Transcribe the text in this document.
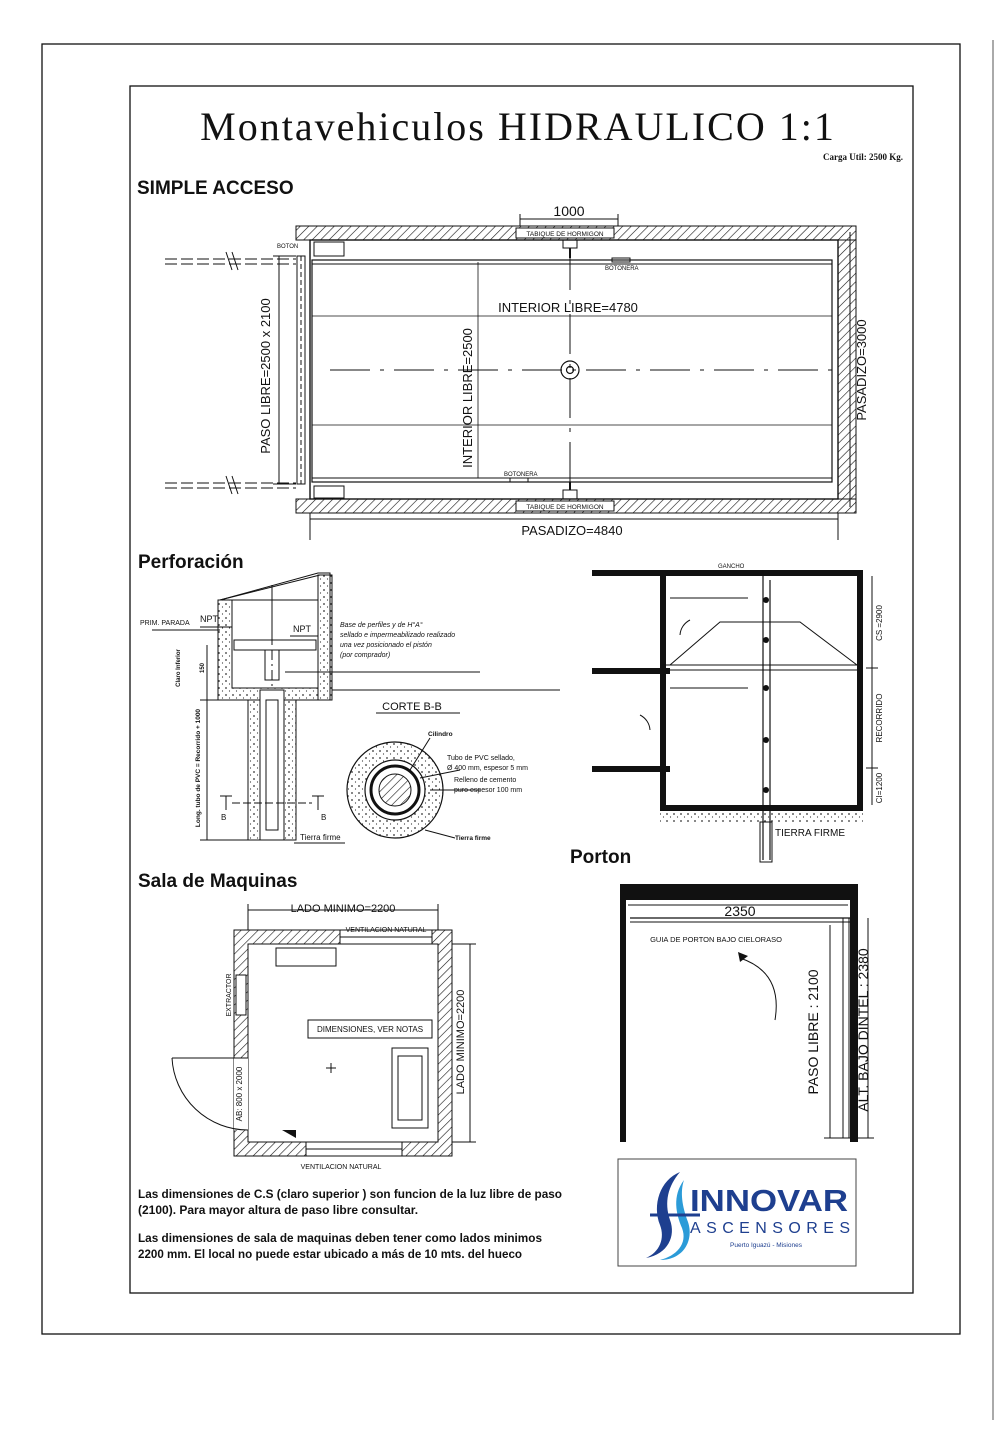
Montavehiculos HIDRAULICO 1:1
Carga Util: 2500 Kg.
SIMPLE ACCESO
1000
TABIQUE DE HORMIGON
TABIQUE DE HORMIGON
BOTON
BOTONERA
BOTONERA
INTERIOR LIBRE=4780
INTERIOR LIBRE=2500
PASO LIBRE=2500 x 2100	PASADIZO=3000
PASADIZO=4840
Perforación
PRIM. PARADA NPT
NPT	Base de perfiles y de H°A°
sellado e impermeabilizado realizado
una vez posicionado el pistón
(por comprador)
Claro Inferior	150
Long. tubo de PVC = Recorrido + 1000 B	B
Tierra firme
CORTE B-B
Cilindro
Tubo de PVC sellado,
Ø 400 mm, espesor 5 mm
Relleno de cemento
puro espesor 100 mm
Tierra firme
GANCHO
CS =2900
RECORRIDO
CI=1200
TIERRA FIRME
Sala de Maquinas
LADO MINIMO=2200
VENTILACION NATURAL
VENTILACION NATURAL
EXTRACTOR
DIMENSIONES, VER NOTAS	LADO MINIMO=2200
AB: 800 x 2000
Porton
2350
GUIA DE PORTON BAJO CIELORASO
PASO LIBRE : 2100 ALT. BAJO DINTEL : 2380
Las dimensiones de C.S (claro superior ) son funcion de la luz libre de paso
(2100). Para mayor altura de paso libre consultar.
Las dimensiones de sala de maquinas deben tener como lados minimos
2200 mm. El local no puede estar ubicado a más de 10 mts. del hueco
INNOVAR
ASCENSORES
Puerto Iguazú - Misiones
